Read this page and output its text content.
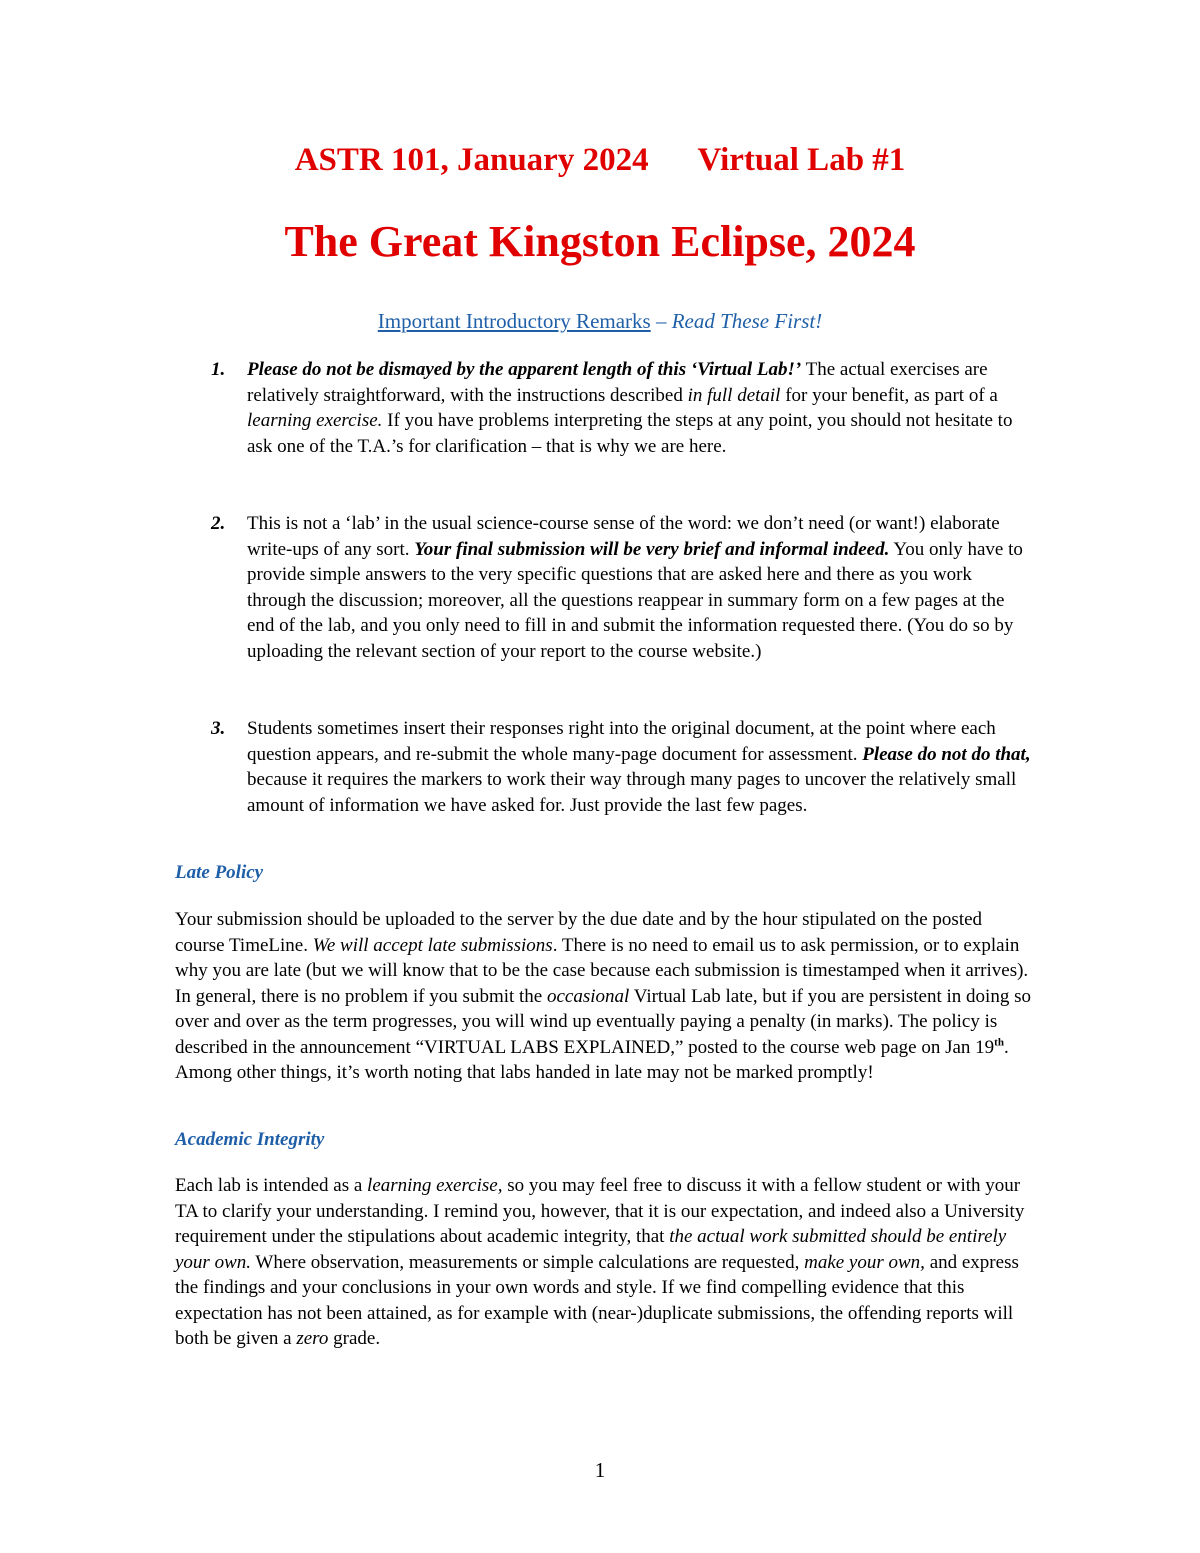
ASTR 101, January 2024 Virtual Lab #1
The Great Kingston Eclipse, 2024
Important Introductory Remarks – Read These First!
1. Please do not be dismayed by the apparent length of this ‘Virtual Lab!’ The actual exercises are relatively straightforward, with the instructions described in full detail for your benefit, as part of a learning exercise. If you have problems interpreting the steps at any point, you should not hesitate to ask one of the T.A.’s for clarification – that is why we are here.
2. This is not a ‘lab’ in the usual science-course sense of the word: we don’t need (or want!) elaborate write-ups of any sort. Your final submission will be very brief and informal indeed. You only have to provide simple answers to the very specific questions that are asked here and there as you work through the discussion; moreover, all the questions reappear in summary form on a few pages at the end of the lab, and you only need to fill in and submit the information requested there. (You do so by uploading the relevant section of your report to the course website.)
3. Students sometimes insert their responses right into the original document, at the point where each question appears, and re-submit the whole many-page document for assessment. Please do not do that, because it requires the markers to work their way through many pages to uncover the relatively small amount of information we have asked for. Just provide the last few pages.
Late Policy
Your submission should be uploaded to the server by the due date and by the hour stipulated on the posted course TimeLine. We will accept late submissions. There is no need to email us to ask permission, or to explain why you are late (but we will know that to be the case because each submission is timestamped when it arrives). In general, there is no problem if you submit the occasional Virtual Lab late, but if you are persistent in doing so over and over as the term progresses, you will wind up eventually paying a penalty (in marks). The policy is described in the announcement “VIRTUAL LABS EXPLAINED,” posted to the course web page on Jan 19th. Among other things, it’s worth noting that labs handed in late may not be marked promptly!
Academic Integrity
Each lab is intended as a learning exercise, so you may feel free to discuss it with a fellow student or with your TA to clarify your understanding. I remind you, however, that it is our expectation, and indeed also a University requirement under the stipulations about academic integrity, that the actual work submitted should be entirely your own. Where observation, measurements or simple calculations are requested, make your own, and express the findings and your conclusions in your own words and style. If we find compelling evidence that this expectation has not been attained, as for example with (near-)duplicate submissions, the offending reports will both be given a zero grade.
1
